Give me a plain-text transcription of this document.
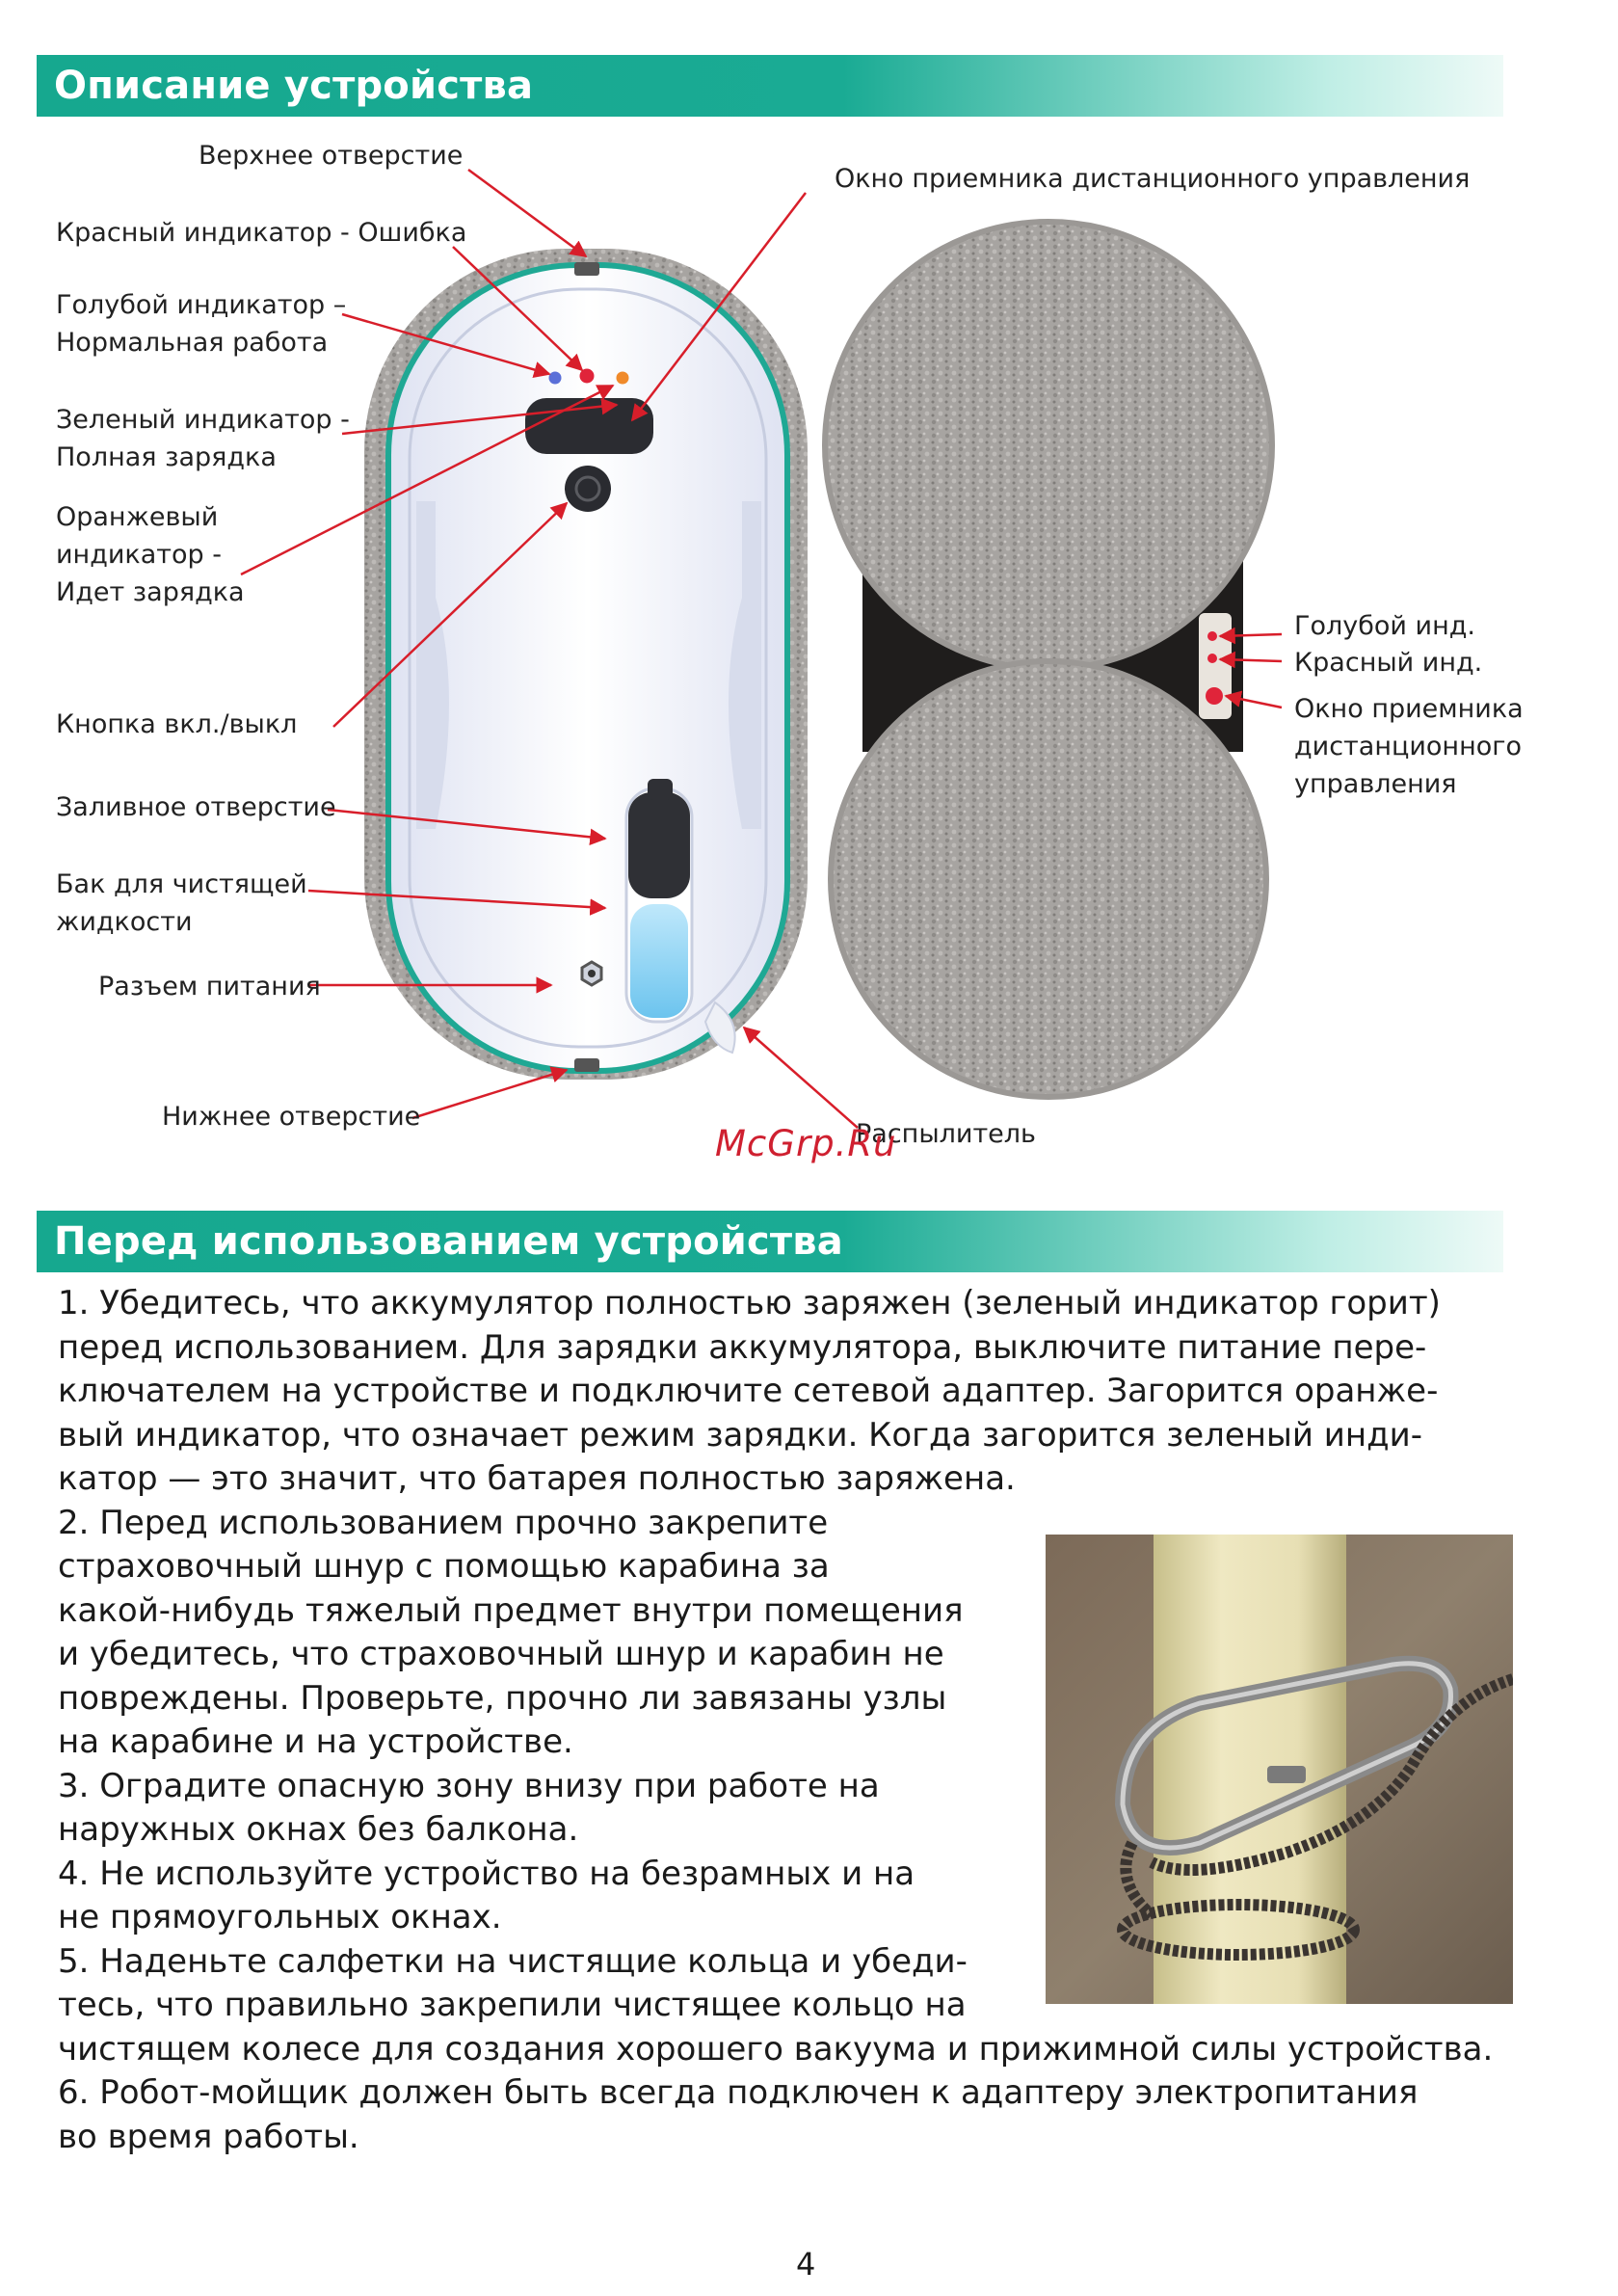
Описание устройства
Верхнее отверстие
Красный индикатор - Ошибка
Голубой индикатор –
Нормальная работа
Зеленый индикатор -
Полная зарядка
Оранжевый
индикатор -
Идет зарядка
Кнопка вкл./выкл
Заливное отверстие
Бак для чистящей
жидкости
Разъем питания
Нижнее отверстие
Окно приемника дистанционного управления
Распылитель
Голубой инд.
Красный инд.
Окно приемника
дистанционного
управления
McGrp.Ru
Перед использованием устройства

1. Убедитесь, что аккумулятор полностью заряжен (зеленый индикатор горит)

перед использованием. Для зарядки аккумулятора, выключите питание пере-

ключателем на устройстве и подключите сетевой адаптер. Загорится оранже-

вый индикатор, что означает режим зарядки. Когда загорится зеленый инди-

катор — это значит, что батарея полностью заряжена.

2. Перед использованием прочно закрепите

страховочный шнур с помощью карабина за

какой-нибудь тяжелый предмет внутри помещения

и убедитесь, что страховочный шнур и карабин не

повреждены. Проверьте, прочно ли завязаны узлы

на карабине и на устройстве.

3. Оградите опасную зону внизу при работе на

наружных окнах без балкона.

4. Не используйте устройство на безрамных и на

не прямоугольных окнах.

5. Наденьте салфетки на чистящие кольца и убеди-

тесь, что правильно закрепили чистящее кольцо на

чистящем колесе для создания хорошего вакуума и прижимной силы устройства.

6. Робот-мойщик должен быть всегда подключен к адаптеру электропитания

во время работы.

4
